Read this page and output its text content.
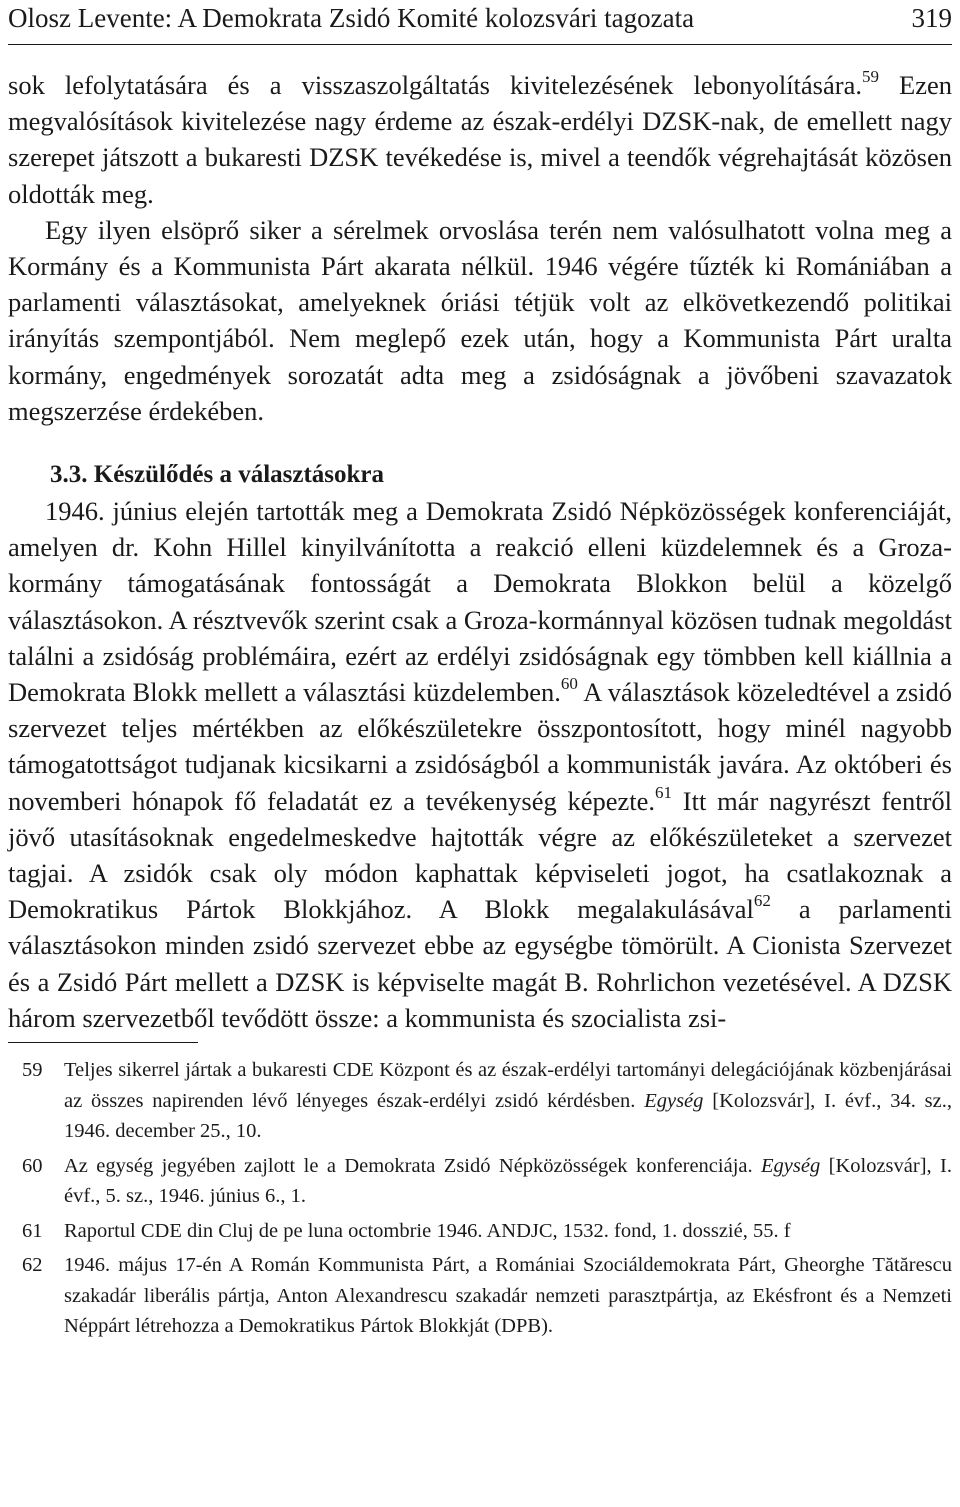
Olosz Levente: A Demokrata Zsidó Komité kolozsvári tagozata	319

sok lefolytatására és a visszaszolgáltatás kivitelezésének lebonyolítására.$^{59}$ Ezen megvalósítások kivitelezése nagy érdeme az észak-erdélyi DZSK-nak, de emellett nagy szerepet játszott a bukaresti DZSK tevékedése is, mivel a teendők végrehajtását közösen oldották meg.

Egy ilyen elsöprő siker a sérelmek orvoslása terén nem valósulhatott volna meg a Kormány és a Kommunista Párt akarata nélkül. 1946 végére tűzték ki Romániában a parlamenti választásokat, amelyeknek óriási tétjük volt az elkövetkezendő politikai irányítás szempontjából. Nem meglepő ezek után, hogy a Kommunista Párt uralta kormány, engedmények sorozatát adta meg a zsidóságnak a jövőbeni szavazatok megszerzése érdekében.

3.3. Készülődés a választásokra

1946. június elején tartották meg a Demokrata Zsidó Népközösségek konferenciáját, amelyen dr. Kohn Hillel kinyilvánította a reakció elleni küzdelemnek és a Groza-kormány támogatásának fontosságát a Demokrata Blokkon belül a közelgő választásokon. A résztvevők szerint csak a Groza-kormánnyal közösen tudnak megoldást találni a zsidóság problémáira, ezért az erdélyi zsidóságnak egy tömbben kell kiállnia a Demokrata Blokk mellett a választási küzdelemben.$^{60}$ A választások közeledtével a zsidó szervezet teljes mértékben az előkészületekre összpontosított, hogy minél nagyobb támogatottságot tudjanak kicsikarni a zsidóságból a kommunisták javára. Az októberi és novemberi hónapok fő feladatát ez a tevékenység képezte.$^{61}$ Itt már nagyrészt fentről jövő utasításoknak engedelmeskedve hajtották végre az előkészületeket a szervezet tagjai. A zsidók csak oly módon kaphattak képviseleti jogot, ha csatlakoznak a Demokratikus Pártok Blokkjához. A Blokk megalakulásával$^{62}$ a parlamenti választásokon minden zsidó szervezet ebbe az egységbe tömörült. A Cionista Szervezet és a Zsidó Párt mellett a DZSK is képviselte magát B. Rohrlichon vezetésével. A DZSK három szervezetből tevődött össze: a kommunista és szocialista zsi-

59	Teljes sikerrel jártak a bukaresti CDE Központ és az észak-erdélyi tartományi delegációjának közbenjárásai az összes napirenden lévő lényeges észak-erdélyi zsidó kérdésben. Egység [Kolozsvár], I. évf., 34. sz., 1946. december 25., 10.
60	Az egység jegyében zajlott le a Demokrata Zsidó Népközösségek konferenciája. Egység [Kolozsvár], I. évf., 5. sz., 1946. június 6., 1.
61	Raportul CDE din Cluj de pe luna octombrie 1946. ANDJC, 1532. fond, 1. dosszié, 55. f
62	1946. május 17-én A Román Kommunista Párt, a Romániai Szociáldemokrata Párt, Gheorghe Tătărescu szakadár liberális pártja, Anton Alexandrescu szakadár nemzeti parasztpártja, az Ekésfront és a Nemzeti Néppárt létrehozza a Demokratikus Pártok Blokkját (DPB).
